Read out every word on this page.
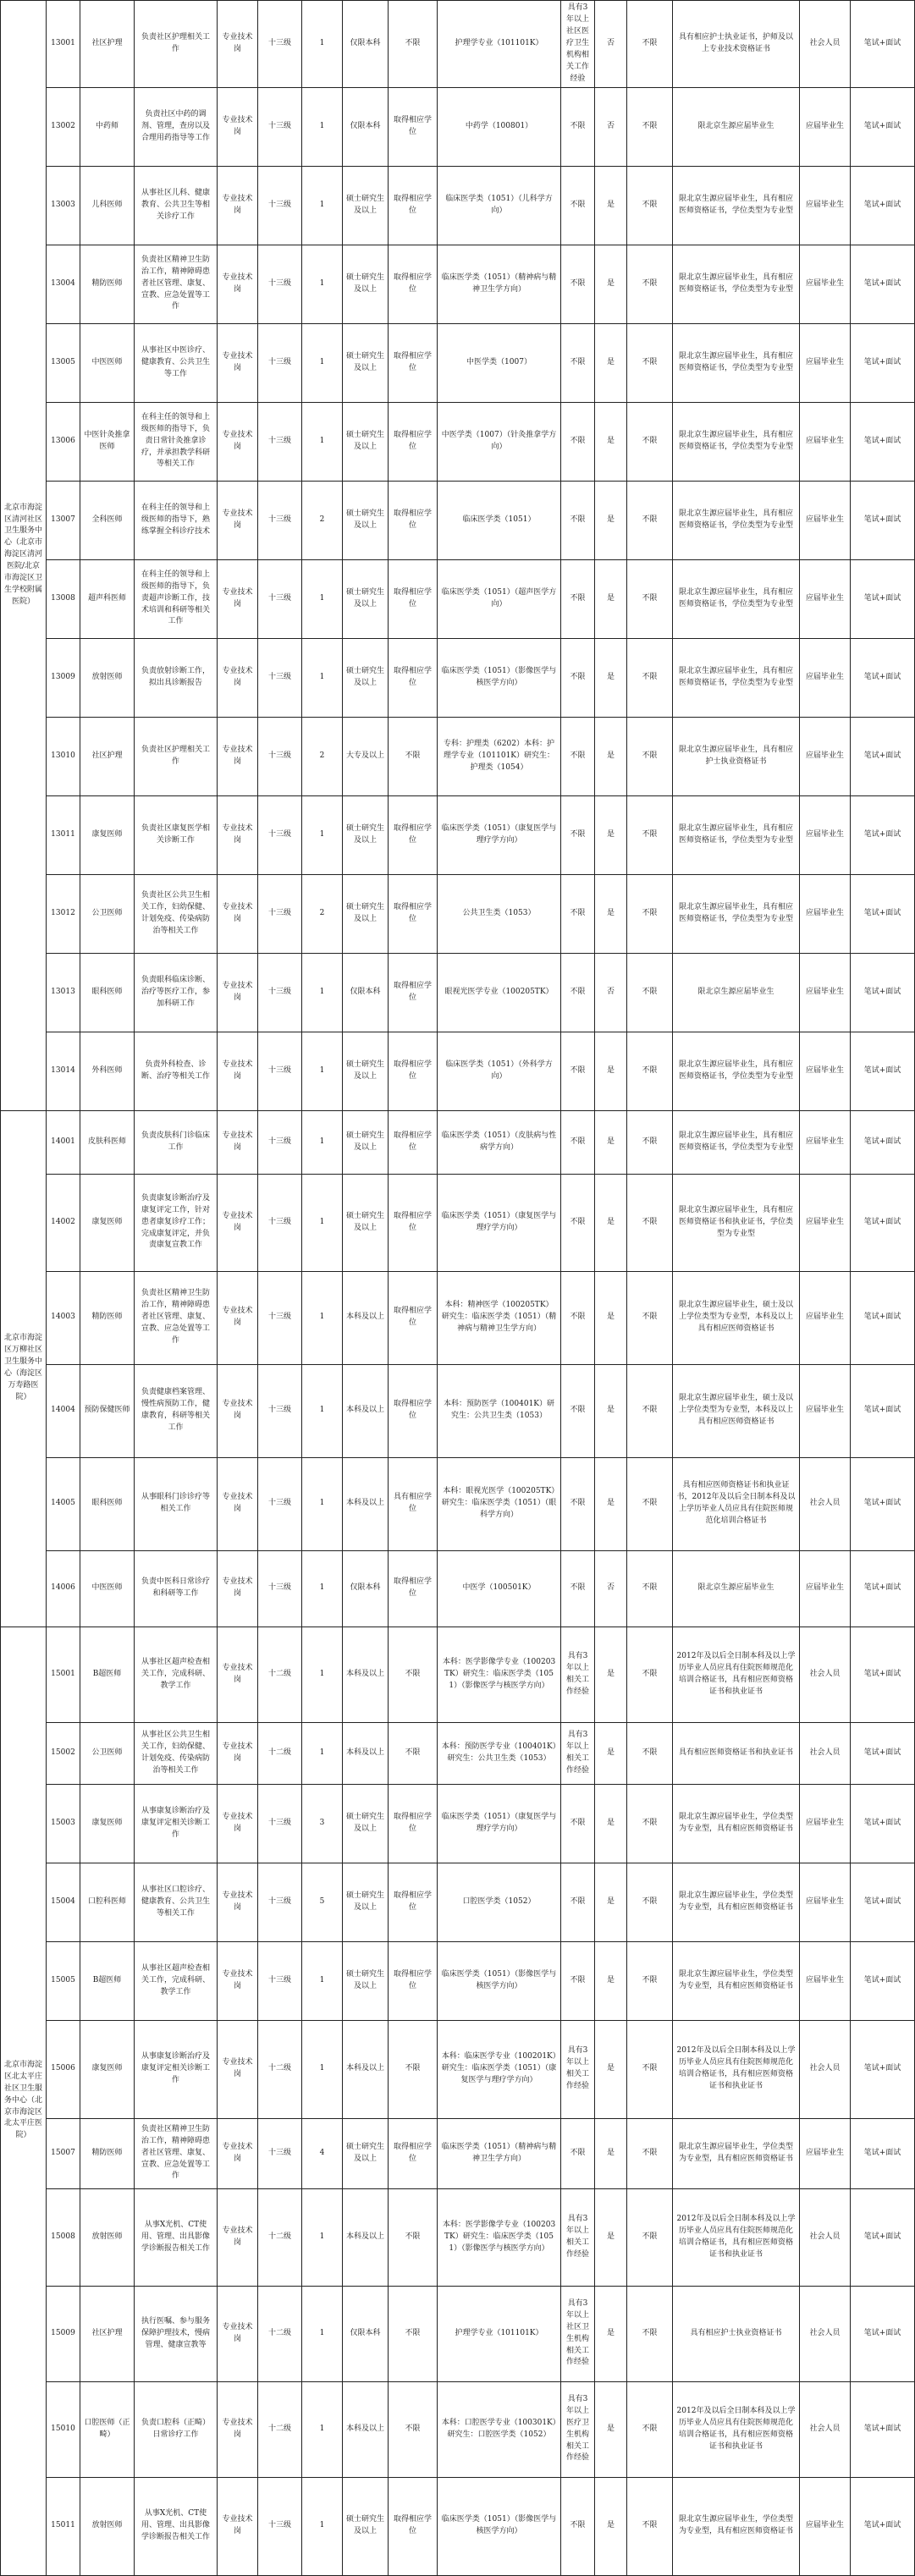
北京市海淀区清河社区卫生服务中心（北京市海淀区清河医院/北京市海淀区卫生学校附属医院）	13001	社区护理	负责社区护理相关工作	专业技术岗	十三级	1	仅限本科	不限	护理学专业（101101K）	具有3年以上社区医疗卫生机构相关工作经验	否	不限	具有相应护士执业证书，护师及以上专业技术资格证书	社会人员	笔试+面试
	13002	中药师	负责社区中药的调剂、管理，查房以及合理用药指导等工作	专业技术岗	十三级	1	仅限本科	取得相应学位	中药学（100801）	不限	否	不限	限北京生源应届毕业生	应届毕业生	笔试+面试
	13003	儿科医师	从事社区儿科、健康教育、公共卫生等相关诊疗工作	专业技术岗	十三级	1	硕士研究生及以上	取得相应学位	临床医学类（1051）（儿科学方向）	不限	是	不限	限北京生源应届毕业生，具有相应医师资格证书，学位类型为专业型	应届毕业生	笔试+面试
	13004	精防医师	负责社区精神卫生防治工作，精神障碍患者社区管理、康复、宣教、应急处置等工作	专业技术岗	十三级	1	硕士研究生及以上	取得相应学位	临床医学类（1051）（精神病与精神卫生学方向）	不限	是	不限	限北京生源应届毕业生，具有相应医师资格证书，学位类型为专业型	应届毕业生	笔试+面试
	13005	中医医师	从事社区中医诊疗、健康教育、公共卫生等工作	专业技术岗	十三级	1	硕士研究生及以上	取得相应学位	中医学类（1007）	不限	是	不限	限北京生源应届毕业生，具有相应医师资格证书，学位类型为专业型	应届毕业生	笔试+面试
	13006	中医针灸推拿医师	在科主任的领导和上级医师的指导下，负责日常针灸推拿诊疗，并承担教学科研等相关工作	专业技术岗	十三级	1	硕士研究生及以上	取得相应学位	中医学类（1007）（针灸推拿学方向）	不限	是	不限	限北京生源应届毕业生，具有相应医师资格证书，学位类型为专业型	应届毕业生	笔试+面试
	13007	全科医师	在科主任的领导和上级医师的指导下，熟练掌握全科诊疗技术	专业技术岗	十三级	2	硕士研究生及以上	取得相应学位	临床医学类（1051）	不限	是	不限	限北京生源应届毕业生，具有相应医师资格证书，学位类型为专业型	应届毕业生	笔试+面试
	13008	超声科医师	在科主任的领导和上级医师的指导下，负责超声诊断工作，技术培训和科研等相关工作	专业技术岗	十三级	1	硕士研究生及以上	取得相应学位	临床医学类（1051）（超声医学方向）	不限	是	不限	限北京生源应届毕业生，具有相应医师资格证书，学位类型为专业型	应届毕业生	笔试+面试
	13009	放射医师	负责放射诊断工作，拟出具诊断报告	专业技术岗	十三级	1	硕士研究生及以上	取得相应学位	临床医学类（1051）（影像医学与核医学方向）	不限	是	不限	限北京生源应届毕业生，具有相应医师资格证书，学位类型为专业型	应届毕业生	笔试+面试
	13010	社区护理	负责社区护理相关工作	专业技术岗	十三级	2	大专及以上	不限	专科：护理类（6202）本科：护理学专业（101101K）研究生：护理类（1054）	不限	是	不限	限北京生源应届毕业生，具有相应护士执业资格证书	应届毕业生	笔试+面试
	13011	康复医师	负责社区康复医学相关诊断工作	专业技术岗	十三级	1	硕士研究生及以上	取得相应学位	临床医学类（1051）（康复医学与理疗学方向）	不限	是	不限	限北京生源应届毕业生，具有相应医师资格证书，学位类型为专业型	应届毕业生	笔试+面试
	13012	公卫医师	负责社区公共卫生相关工作，妇幼保健、计划免疫、传染病防治等相关工作	专业技术岗	十三级	2	硕士研究生及以上	取得相应学位	公共卫生类（1053）	不限	是	不限	限北京生源应届毕业生，具有相应医师资格证书，学位类型为专业型	应届毕业生	笔试+面试
	13013	眼科医师	负责眼科临床诊断、治疗等医疗工作，参加科研工作	专业技术岗	十三级	1	仅限本科	取得相应学位	眼视光医学专业（100205TK）	不限	否	不限	限北京生源应届毕业生	应届毕业生	笔试+面试
	13014	外科医师	负责外科检查、诊断、治疗等相关工作	专业技术岗	十三级	1	硕士研究生及以上	取得相应学位	临床医学类（1051）（外科学方向）	不限	是	不限	限北京生源应届毕业生，具有相应医师资格证书，学位类型为专业型	应届毕业生	笔试+面试
北京市海淀区万柳社区卫生服务中心（海淀区万寿路医院）	14001	皮肤科医师	负责皮肤科门诊临床工作	专业技术岗	十三级	1	硕士研究生及以上	取得相应学位	临床医学类（1051）（皮肤病与性病学方向）	不限	是	不限	限北京生源应届毕业生，具有相应医师资格证书，学位类型为专业型	应届毕业生	笔试+面试
	14002	康复医师	负责康复诊断治疗及康复评定工作，针对患者康复诊疗工作；完成康复评定，并负责康复宣教工作	专业技术岗	十三级	1	硕士研究生及以上	取得相应学位	临床医学类（1051）（康复医学与理疗学方向）	不限	是	不限	限北京生源应届毕业生，具有相应医师资格证书和执业证书，学位类型为专业型	应届毕业生	笔试+面试
	14003	精防医师	负责社区精神卫生防治工作，精神障碍患者社区管理、康复、宣教、应急处置等工作	专业技术岗	十三级	1	本科及以上	取得相应学位	本科：精神医学（100205TK）研究生：临床医学类（1051）（精神病与精神卫生学方向）	不限	是	不限	限北京生源应届毕业生，硕士及以上学位类型为专业型，本科及以上具有相应医师资格证书	应届毕业生	笔试+面试
	14004	预防保健医师	负责健康档案管理、慢性病预防工作，健康教育，科研等相关工作	专业技术岗	十三级	1	本科及以上	取得相应学位	本科：预防医学（100401K）研究生：公共卫生类（1053）	不限	是	不限	限北京生源应届毕业生，硕士及以上学位类型为专业型，本科及以上具有相应医师资格证书	应届毕业生	笔试+面试
	14005	眼科医师	从事眼科门诊诊疗等相关工作	专业技术岗	十三级	1	本科及以上	具有相应学位	本科：眼视光医学（100205TK）研究生：临床医学类（1051）（眼科学方向）	不限	是	不限	具有相应医师资格证书和执业证书，2012年及以后全日制本科及以上学历毕业人员应具有住院医师规范化培训合格证书	社会人员	笔试+面试
	14006	中医医师	负责中医科日常诊疗和科研等工作	专业技术岗	十三级	1	仅限本科	取得相应学位	中医学（100501K）	不限	否	不限	限北京生源应届毕业生	应届毕业生	笔试+面试
北京市海淀区北太平庄社区卫生服务中心（北京市海淀区北太平庄医院）	15001	B超医师	从事社区超声检查相关工作，完成科研、教学工作	专业技术岗	十二级	1	本科及以上	不限	本科：医学影像学专业（100203TK）研究生：临床医学类（1051）（影像医学与核医学方向）	具有3年以上相关工作经验	是	不限	2012年及以后全日制本科及以上学历毕业人员应具有住院医师规范化培训合格证书，具有相应医师资格证书和执业证书	社会人员	笔试+面试
	15002	公卫医师	从事社区公共卫生相关工作，妇幼保健、计划免疫、传染病防治等相关工作	专业技术岗	十二级	1	本科及以上	不限	本科：预防医学专业（100401K）研究生：公共卫生类（1053）	具有3年以上相关工作经验	是	不限	具有相应医师资格证书和执业证书	社会人员	笔试+面试
	15003	康复医师	从事康复诊断治疗及康复评定相关诊断工作	专业技术岗	十三级	3	硕士研究生及以上	取得相应学位	临床医学类（1051）（康复医学与理疗学方向）	不限	是	不限	限北京生源应届毕业生，学位类型为专业型，具有相应医师资格证书	应届毕业生	笔试+面试
	15004	口腔科医师	从事社区口腔诊疗、健康教育、公共卫生等相关工作	专业技术岗	十三级	5	硕士研究生及以上	取得相应学位	口腔医学类（1052）	不限	是	不限	限北京生源应届毕业生，学位类型为专业型，具有相应医师资格证书	应届毕业生	笔试+面试
	15005	B超医师	从事社区超声检查相关工作，完成科研、教学工作	专业技术岗	十三级	1	硕士研究生及以上	取得相应学位	临床医学类（1051）（影像医学与核医学方向）	不限	是	不限	限北京生源应届毕业生，学位类型为专业型，具有相应医师资格证书	应届毕业生	笔试+面试
	15006	康复医师	从事康复诊断治疗及康复评定相关诊断工作	专业技术岗	十二级	1	本科及以上	不限	本科：临床医学专业（100201K）研究生：临床医学类（1051）（康复医学与理疗学方向）	具有3年以上相关工作经验	是	不限	2012年及以后全日制本科及以上学历毕业人员应具有住院医师规范化培训合格证书，具有相应医师资格证书和执业证书	社会人员	笔试+面试
	15007	精防医师	负责社区精神卫生防治工作，精神障碍患者社区管理、康复、宣教、应急处置等工作	专业技术岗	十三级	4	硕士研究生及以上	取得相应学位	临床医学类（1051）（精神病与精神卫生学方向）	不限	是	不限	限北京生源应届毕业生，学位类型为专业型，具有相应医师资格证书	应届毕业生	笔试+面试
	15008	放射医师	从事X光机、CT使用、管理、出具影像学诊断报告相关工作	专业技术岗	十二级	1	本科及以上	不限	本科：医学影像学专业（100203TK）研究生：临床医学类（1051）（影像医学与核医学方向）	具有3年以上相关工作经验	是	不限	2012年及以后全日制本科及以上学历毕业人员应具有住院医师规范化培训合格证书，具有相应医师资格证书和执业证书	社会人员	笔试+面试
	15009	社区护理	执行医嘱、参与服务保障护理技术，慢病管理、健康宣教等	专业技术岗	十二级	1	仅限本科	不限	护理学专业（101101K）	具有3年以上社区卫生机构相关工作经验	是	不限	具有相应护士执业资格证书	社会人员	笔试+面试
	15010	口腔医师（正畸）	负责口腔科（正畸）日常诊疗工作	专业技术岗	十二级	1	本科及以上	不限	本科：口腔医学专业（100301K）研究生：口腔医学类（1052）	具有3年以上医疗卫生机构相关工作经验	是	不限	2012年及以后全日制本科及以上学历毕业人员应具有住院医师规范化培训合格证书，具有相应医师资格证书和执业证书	社会人员	笔试+面试
	15011	放射医师	从事X光机、CT使用、管理、出具影像学诊断报告相关工作	专业技术岗	十三级	1	硕士研究生及以上	取得相应学位	临床医学类（1051）（影像医学与核医学方向）	不限	是	不限	限北京生源应届毕业生，学位类型为专业型，具有相应医师资格证书	应届毕业生	笔试+面试
